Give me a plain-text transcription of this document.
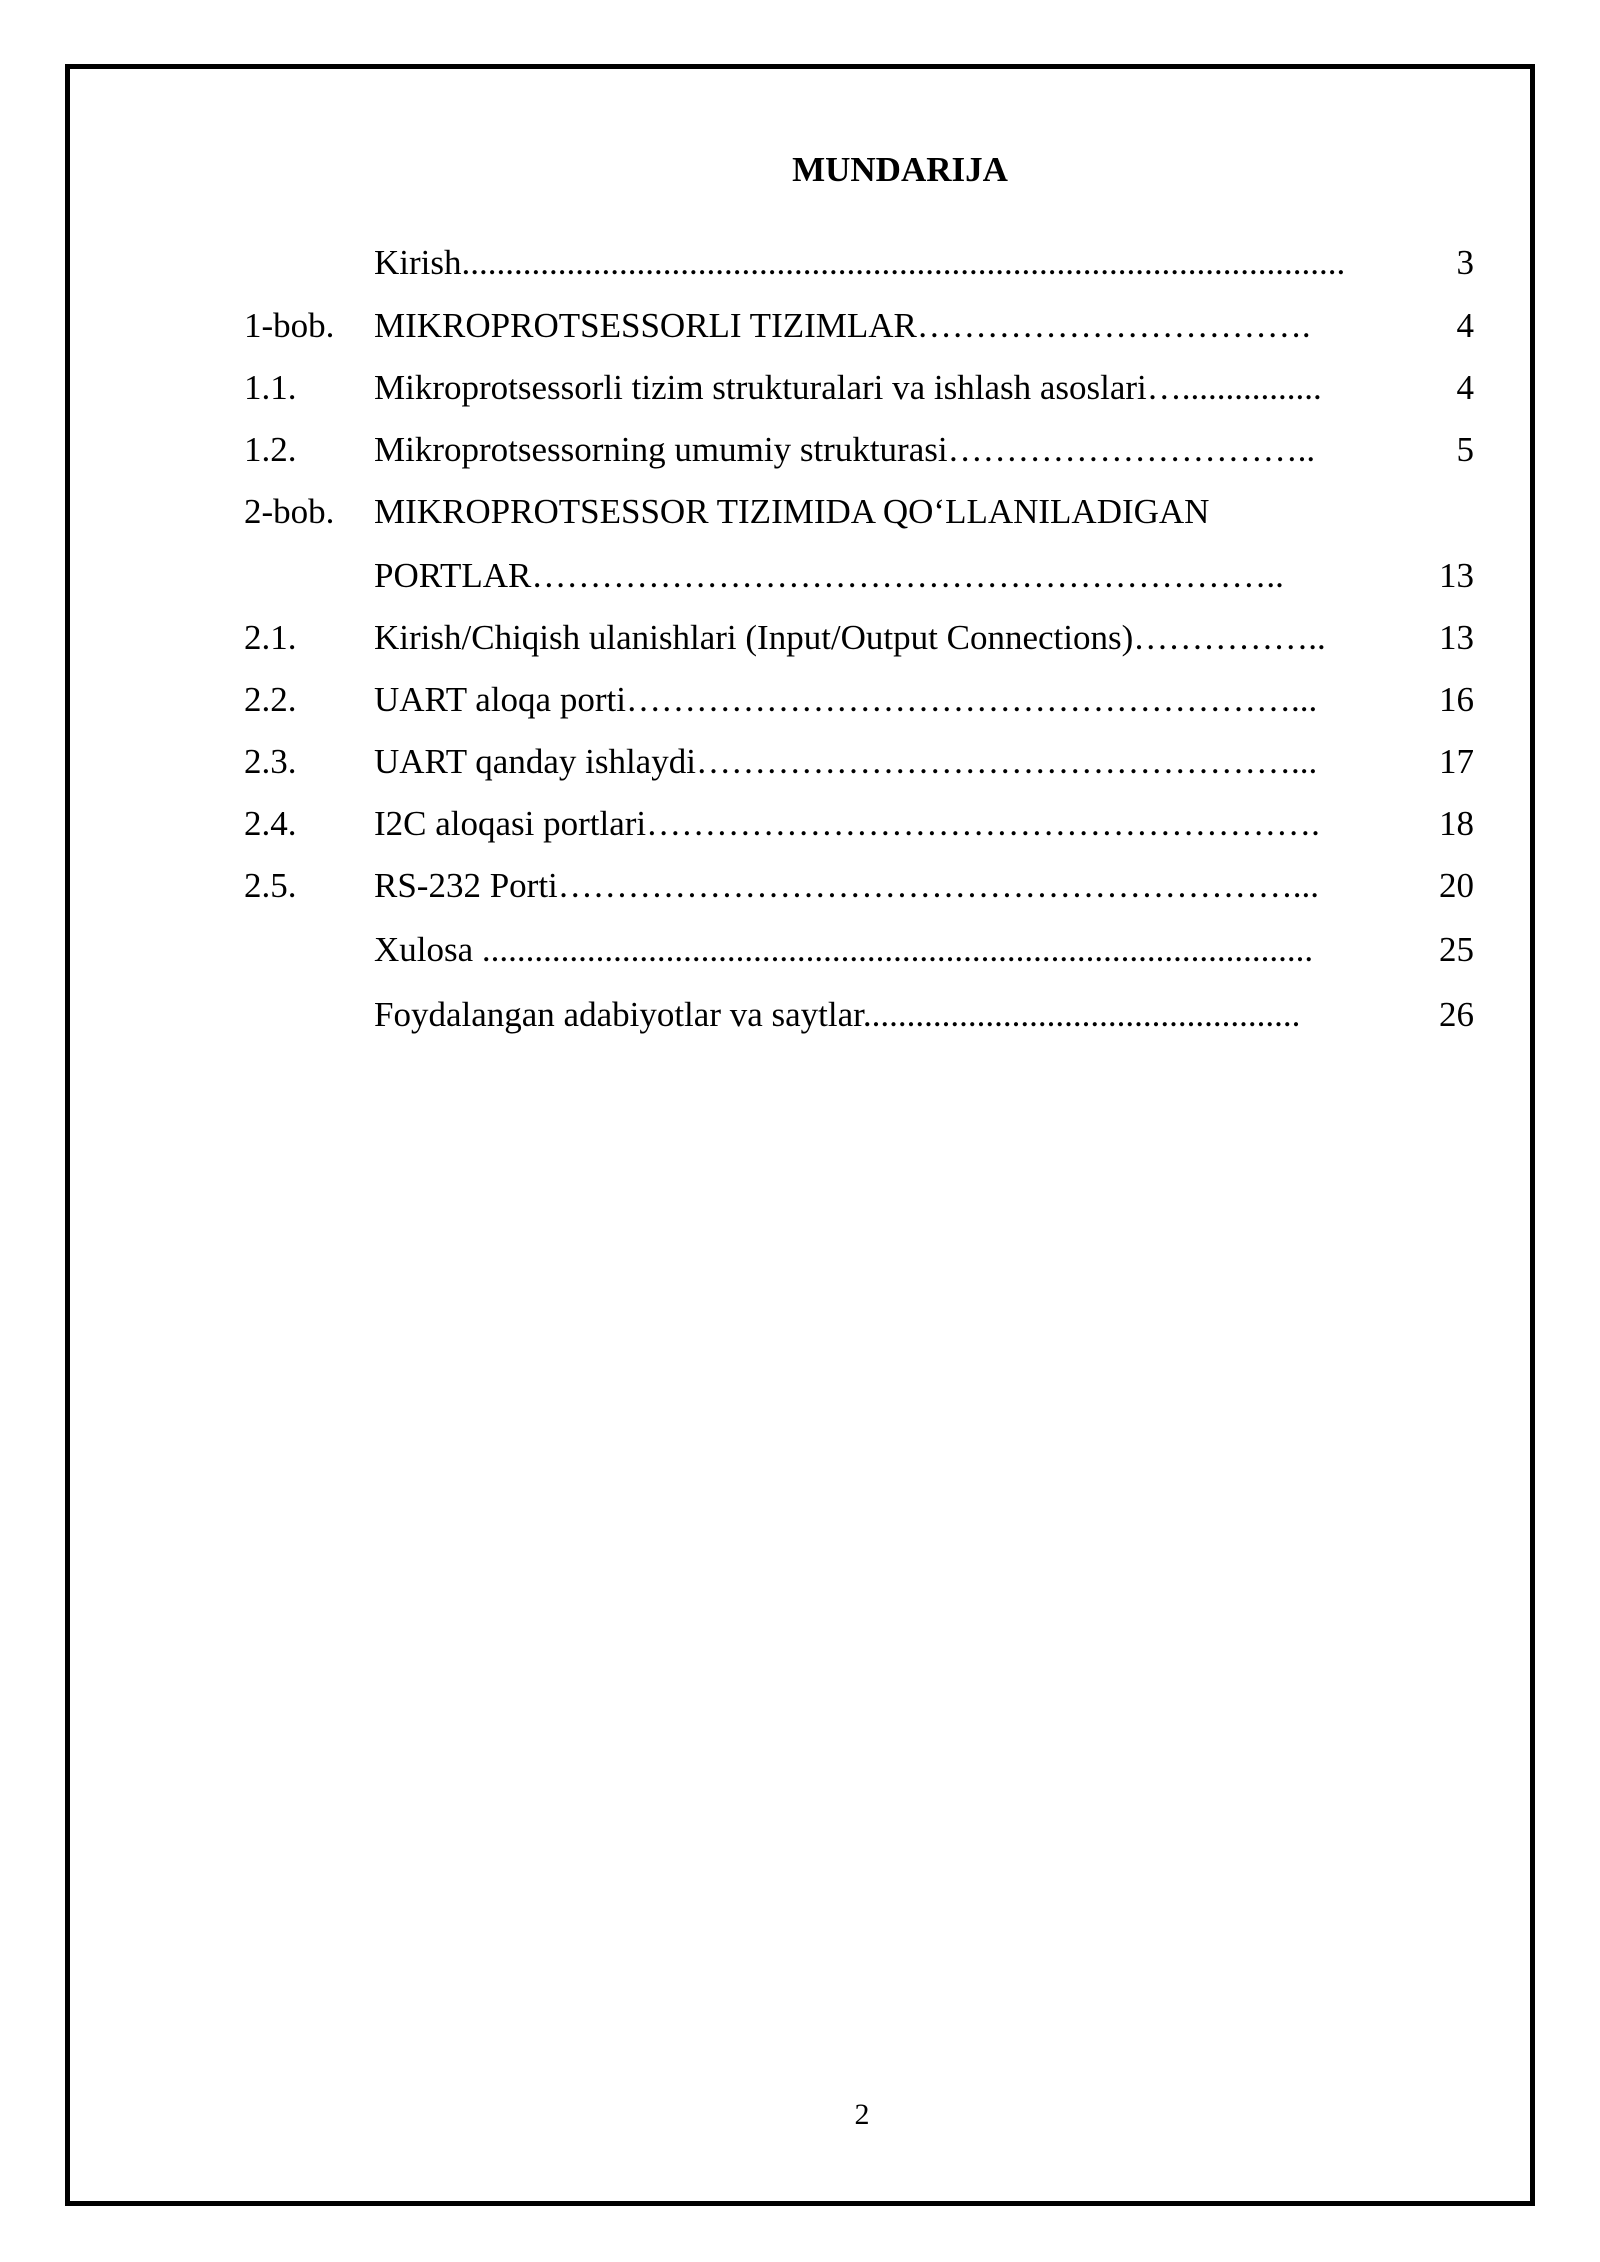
MUNDARIJA
Kirish.....................................................................................................	3
1-bob.	MIKROPROTSESSORLI TIZIMLAR…………………………….	4
1.1.	Mikroprotsessorli tizim strukturalari va ishlash asoslari…................	4
1.2.	Mikroprotsessorning umumiy strukturasi…………………………..	5
2-bob.	MIKROPROTSESSOR TIZIMIDA QO‘LLANILADIGAN
PORTLAR………………………………………………………..	13
2.1.	Kirish/Chiqish ulanishlari (Input/Output Connections)……………..	13
2.2.	UART aloqa porti…………………………………………………...	16
2.3.	UART qanday ishlaydi……………………………………………...	17
2.4.	I2C aloqasi portlari………………………………………………….	18
2.5.	RS-232 Porti………………………………………………………...	20
Xulosa ...............................................................................................	25
Foydalangan adabiyotlar va saytlar..................................................	26
2
